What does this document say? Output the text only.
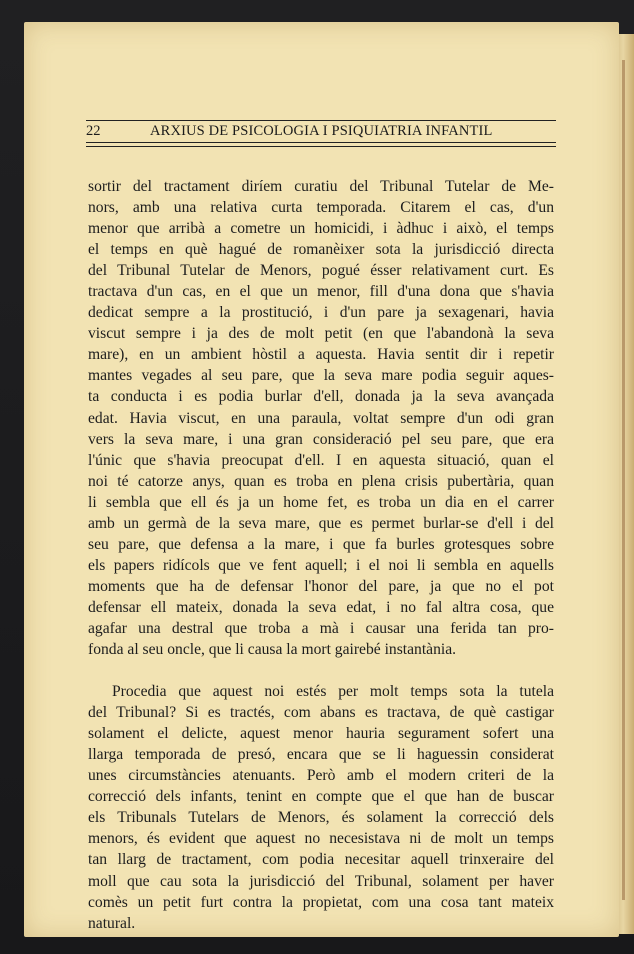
22	ARXIUS DE PSICOLOGIA I PSIQUIATRIA INFANTIL

sortir del tractament diríem curatiu del Tribunal Tutelar de Me-
nors, amb una relativa curta temporada. Citarem el cas, d'un
menor que arribà a cometre un homicidi, i àdhuc i això, el temps
el temps en què hagué de romanèixer sota la jurisdicció directa
del Tribunal Tutelar de Menors, pogué ésser relativament curt. Es
tractava d'un cas, en el que un menor, fill d'una dona que s'havia
dedicat sempre a la prostitució, i d'un pare ja sexagenari, havia
viscut sempre i ja des de molt petit (en que l'abandonà la seva
mare), en un ambient hòstil a aquesta. Havia sentit dir i repetir
mantes vegades al seu pare, que la seva mare podia seguir aques-
ta conducta i es podia burlar d'ell, donada ja la seva avançada
edat. Havia viscut, en una paraula, voltat sempre d'un odi gran
vers la seva mare, i una gran consideració pel seu pare, que era
l'únic que s'havia preocupat d'ell. I en aquesta situació, quan el
noi té catorze anys, quan es troba en plena crisis pubertària, quan
li sembla que ell és ja un home fet, es troba un dia en el carrer
amb un germà de la seva mare, que es permet burlar-se d'ell i del
seu pare, que defensa a la mare, i que fa burles grotesques sobre
els papers ridícols que ve fent aquell; i el noi li sembla en aquells
moments que ha de defensar l'honor del pare, ja que no el pot
defensar ell mateix, donada la seva edat, i no fal altra cosa, que
agafar una destral que troba a mà i causar una ferida tan pro-
fonda al seu oncle, que li causa la mort gairebé instantània.

Procedia que aquest noi estés per molt temps sota la tutela
del Tribunal? Si es tractés, com abans es tractava, de què castigar
solament el delicte, aquest menor hauria segurament sofert una
llarga temporada de presó, encara que se li haguessin considerat
unes circumstàncies atenuants. Però amb el modern criteri de la
correcció dels infants, tenint en compte que el que han de buscar
els Tribunals Tutelars de Menors, és solament la correcció dels
menors, és evident que aquest no necesistava ni de molt un temps
tan llarg de tractament, com podia necesitar aquell trinxeraire del
moll que cau sota la jurisdicció del Tribunal, solament per haver
comès un petit furt contra la propietat, com una cosa tant mateix
natural.
